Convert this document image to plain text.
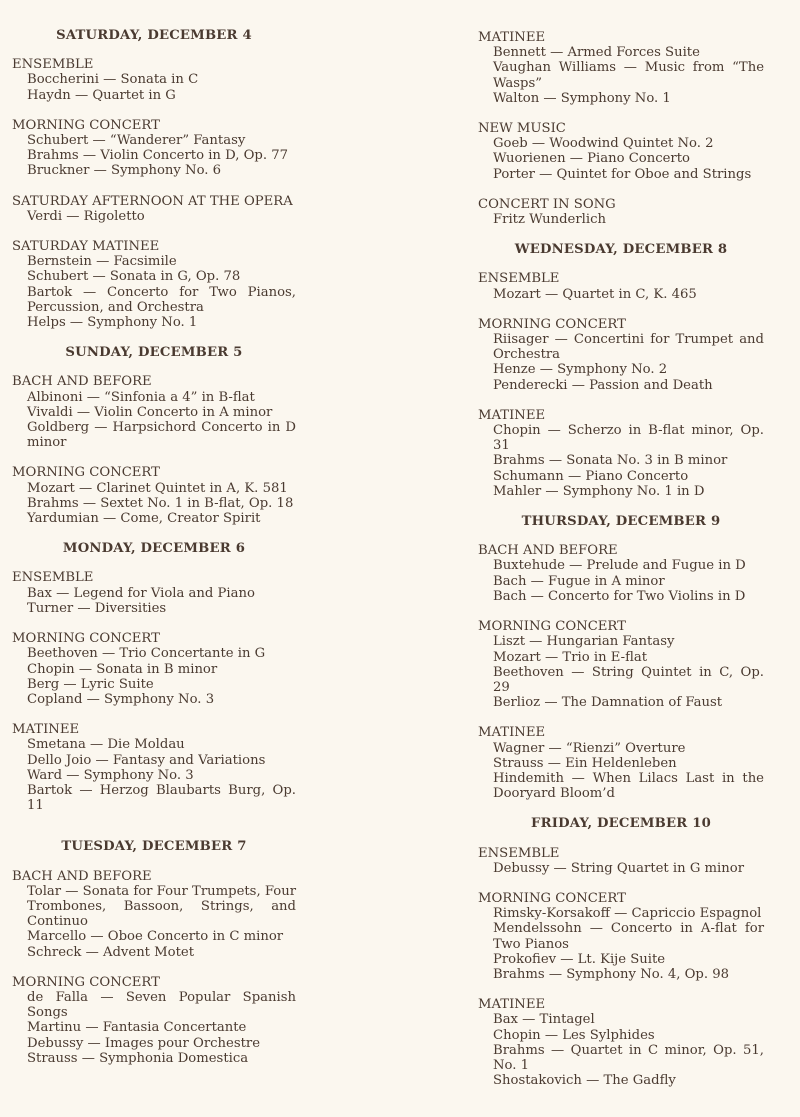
SATURDAY, DECEMBER 4
ENSEMBLE
Boccherini — Sonata in C
Haydn — Quartet in G
MORNING CONCERT
Schubert — “Wanderer” Fantasy
Brahms — Violin Concerto in D, Op. 77
Bruckner — Symphony No. 6
SATURDAY AFTERNOON AT THE OPERA
Verdi — Rigoletto
SATURDAY MATINEE
Bernstein — Facsimile
Schubert — Sonata in G, Op. 78
Bartok — Concerto for Two Pianos, Percussion, and Orchestra
Helps — Symphony No. 1
SUNDAY, DECEMBER 5
BACH AND BEFORE
Albinoni — “Sinfonia a 4” in B-flat
Vivaldi — Violin Concerto in A minor
Goldberg — Harpsichord Concerto in D minor
MORNING CONCERT
Mozart — Clarinet Quintet in A, K. 581
Brahms — Sextet No. 1 in B-flat, Op. 18
Yardumian — Come, Creator Spirit
MONDAY, DECEMBER 6
ENSEMBLE
Bax — Legend for Viola and Piano
Turner — Diversities
MORNING CONCERT
Beethoven — Trio Concertante in G
Chopin — Sonata in B minor
Berg — Lyric Suite
Copland — Symphony No. 3
MATINEE
Smetana — Die Moldau
Dello Joio — Fantasy and Variations
Ward — Symphony No. 3
Bartok — Herzog Blaubarts Burg, Op. 11
TUESDAY, DECEMBER 7
BACH AND BEFORE
Tolar — Sonata for Four Trumpets, Four Trombones, Bassoon, Strings, and Continuo
Marcello — Oboe Concerto in C minor
Schreck — Advent Motet
MORNING CONCERT
de Falla — Seven Popular Spanish Songs
Martinu — Fantasia Concertante
Debussy — Images pour Orchestre
Strauss — Symphonia Domestica
MATINEE
Bennett — Armed Forces Suite
Vaughan Williams — Music from “The Wasps”
Walton — Symphony No. 1
NEW MUSIC
Goeb — Woodwind Quintet No. 2
Wuorienen — Piano Concerto
Porter — Quintet for Oboe and Strings
CONCERT IN SONG
Fritz Wunderlich
WEDNESDAY, DECEMBER 8
ENSEMBLE
Mozart — Quartet in C, K. 465
MORNING CONCERT
Riisager — Concertini for Trumpet and Orchestra
Henze — Symphony No. 2
Penderecki — Passion and Death
MATINEE
Chopin — Scherzo in B-flat minor, Op. 31
Brahms — Sonata No. 3 in B minor
Schumann — Piano Concerto
Mahler — Symphony No. 1 in D
THURSDAY, DECEMBER 9
BACH AND BEFORE
Buxtehude — Prelude and Fugue in D
Bach — Fugue in A minor
Bach — Concerto for Two Violins in D
MORNING CONCERT
Liszt — Hungarian Fantasy
Mozart — Trio in E-flat
Beethoven — String Quintet in C, Op. 29
Berlioz — The Damnation of Faust
MATINEE
Wagner — “Rienzi” Overture
Strauss — Ein Heldenleben
Hindemith — When Lilacs Last in the Dooryard Bloom’d
FRIDAY, DECEMBER 10
ENSEMBLE
Debussy — String Quartet in G minor
MORNING CONCERT
Rimsky-Korsakoff — Capriccio Espagnol
Mendelssohn — Concerto in A-flat for Two Pianos
Prokofiev — Lt. Kije Suite
Brahms — Symphony No. 4, Op. 98
MATINEE
Bax — Tintagel
Chopin — Les Sylphides
Brahms — Quartet in C minor, Op. 51, No. 1
Shostakovich — The Gadfly
